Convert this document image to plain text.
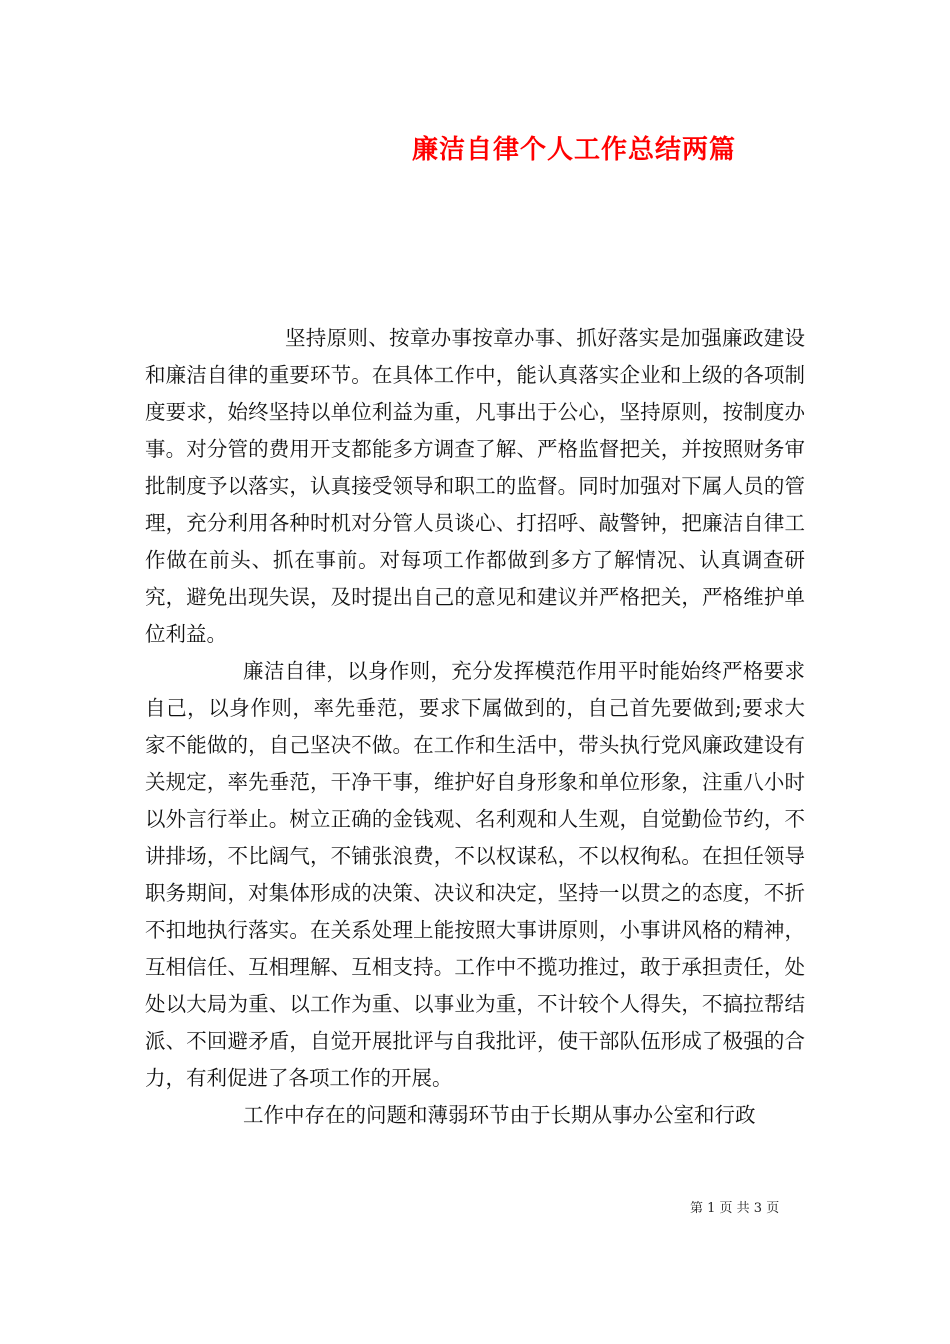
廉洁自律个人工作总结两篇

坚持原则、按章办事按章办事、抓好落实是加强廉政建设和廉洁自律的重要环节。在具体工作中，能认真落实企业和上级的各项制度要求，始终坚持以单位利益为重，凡事出于公心，坚持原则，按制度办事。对分管的费用开支都能多方调查了解、严格监督把关，并按照财务审批制度予以落实，认真接受领导和职工的监督。同时加强对下属人员的管理，充分利用各种时机对分管人员谈心、打招呼、敲警钟，把廉洁自律工作做在前头、抓在事前。对每项工作都做到多方了解情况、认真调查研究，避免出现失误，及时提出自己的意见和建议并严格把关，严格维护单位利益。

廉洁自律，以身作则，充分发挥模范作用平时能始终严格要求自己，以身作则，率先垂范，要求下属做到的，自己首先要做到;要求大家不能做的，自己坚决不做。在工作和生活中，带头执行党风廉政建设有关规定，率先垂范，干净干事，维护好自身形象和单位形象，注重八小时以外言行举止。树立正确的金钱观、名利观和人生观，自觉勤俭节约，不讲排场，不比阔气，不铺张浪费，不以权谋私，不以权徇私。在担任领导职务期间，对集体形成的决策、决议和决定，坚持一以贯之的态度，不折不扣地执行落实。在关系处理上能按照大事讲原则，小事讲风格的精神，互相信任、互相理解、互相支持。工作中不揽功推过，敢于承担责任，处处以大局为重、以工作为重、以事业为重，不计较个人得失，不搞拉帮结派、不回避矛盾，自觉开展批评与自我批评，使干部队伍形成了极强的合力，有利促进了各项工作的开展。

工作中存在的问题和薄弱环节由于长期从事办公室和行政

第 1 页 共 3 页
